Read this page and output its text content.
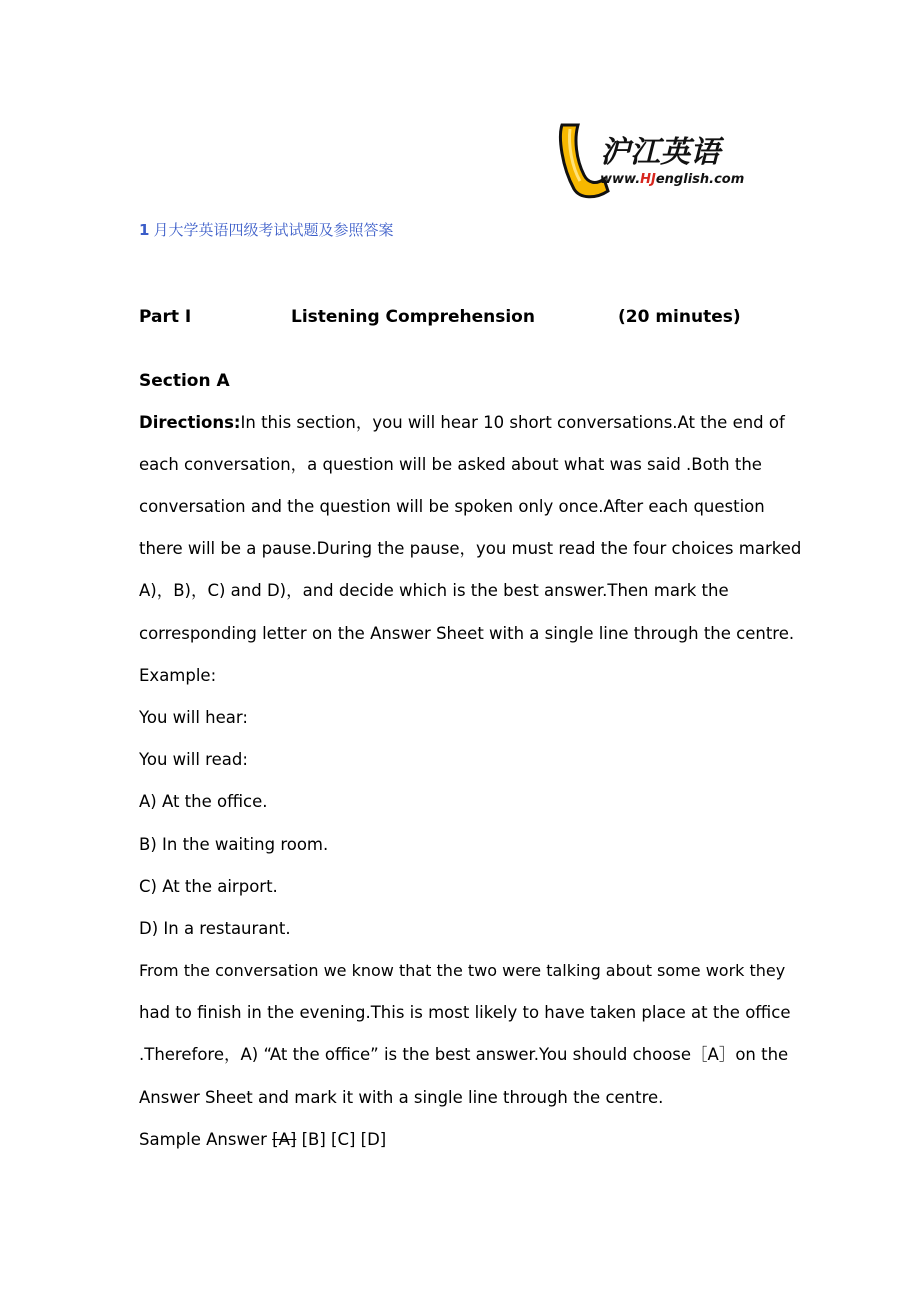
沪江英语
www.HJenglish.com
1 月大学英语四级考试试题及参照答案
Part I	Listening Comprehension	(20 minutes)
Section A
Directions:In this section，you will hear 10 short conversations.At the end of
each conversation，a question will be asked about what was said .Both the
conversation and the question will be spoken only once.After each question
there will be a pause.During the pause，you must read the four choices marked
A)，B)，C) and D)，and decide which is the best answer.Then mark the
corresponding letter on the Answer Sheet with a single line through the centre.
Example:
You will hear:
You will read:
A) At the office.
B) In the waiting room.
C) At the airport.
D) In a restaurant.
From the conversation we know that the two were talking about some work they
had to finish in the evening.This is most likely to have taken place at the office
.Therefore，A) “At the office” is the best answer.You should choose［A］on the
Answer Sheet and mark it with a single line through the centre.
Sample Answer [A] [B] [C] [D]
